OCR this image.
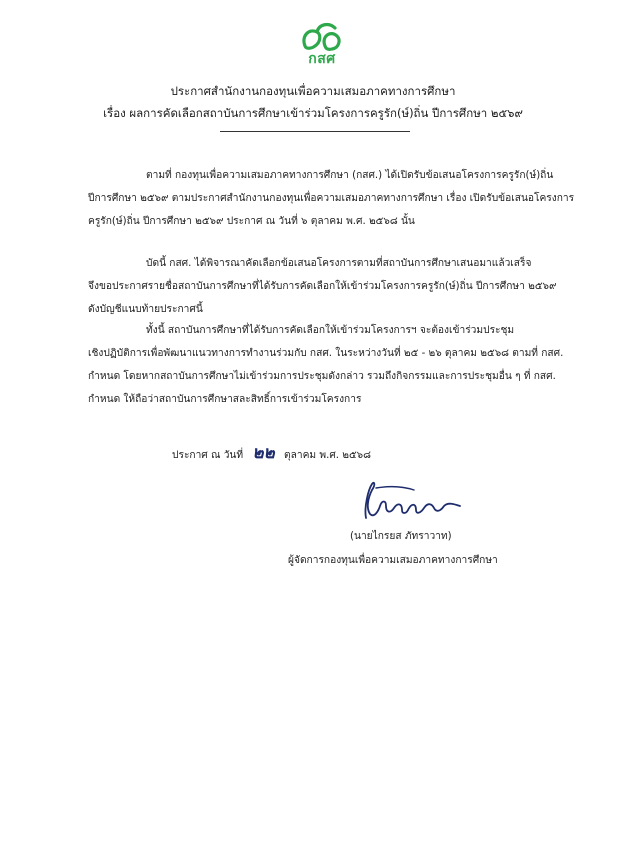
กสศ
ประกาศสำนักงานกองทุนเพื่อความเสมอภาคทางการศึกษา
เรื่อง ผลการคัดเลือกสถาบันการศึกษาเข้าร่วมโครงการครูรัก(ษ์)ถิ่น ปีการศึกษา ๒๕๖๙

ตามที่ กองทุนเพื่อความเสมอภาคทางการศึกษา (กสศ.) ได้เปิดรับข้อเสนอโครงการครูรัก(ษ์)ถิ่น

ปีการศึกษา ๒๕๖๙ ตามประกาศสำนักงานกองทุนเพื่อความเสมอภาคทางการศึกษา เรื่อง เปิดรับข้อเสนอโครงการ

ครูรัก(ษ์)ถิ่น ปีการศึกษา ๒๕๖๙ ประกาศ ณ วันที่ ๖ ตุลาคม พ.ศ. ๒๕๖๘ นั้น

บัดนี้ กสศ. ได้พิจารณาคัดเลือกข้อเสนอโครงการตามที่สถาบันการศึกษาเสนอมาแล้วเสร็จ

จึงขอประกาศรายชื่อสถาบันการศึกษาที่ได้รับการคัดเลือกให้เข้าร่วมโครงการครูรัก(ษ์)ถิ่น ปีการศึกษา ๒๕๖๙

ดังบัญชีแนบท้ายประกาศนี้

ทั้งนี้ สถาบันการศึกษาที่ได้รับการคัดเลือกให้เข้าร่วมโครงการฯ จะต้องเข้าร่วมประชุม

เชิงปฏิบัติการเพื่อพัฒนาแนวทางการทำงานร่วมกับ กสศ. ในระหว่างวันที่ ๒๕ - ๒๖ ตุลาคม ๒๕๖๘ ตามที่ กสศ.

กำหนด โดยหากสถาบันการศึกษาไม่เข้าร่วมการประชุมดังกล่าว รวมถึงกิจกรรมและการประชุมอื่น ๆ ที่ กสศ.

กำหนด ให้ถือว่าสถาบันการศึกษาสละสิทธิ์การเข้าร่วมโครงการ

ประกาศ ณ วันที่ ๒๒ ตุลาคม พ.ศ. ๒๕๖๘
(นายไกรยส ภัทราวาท)
ผู้จัดการกองทุนเพื่อความเสมอภาคทางการศึกษา
